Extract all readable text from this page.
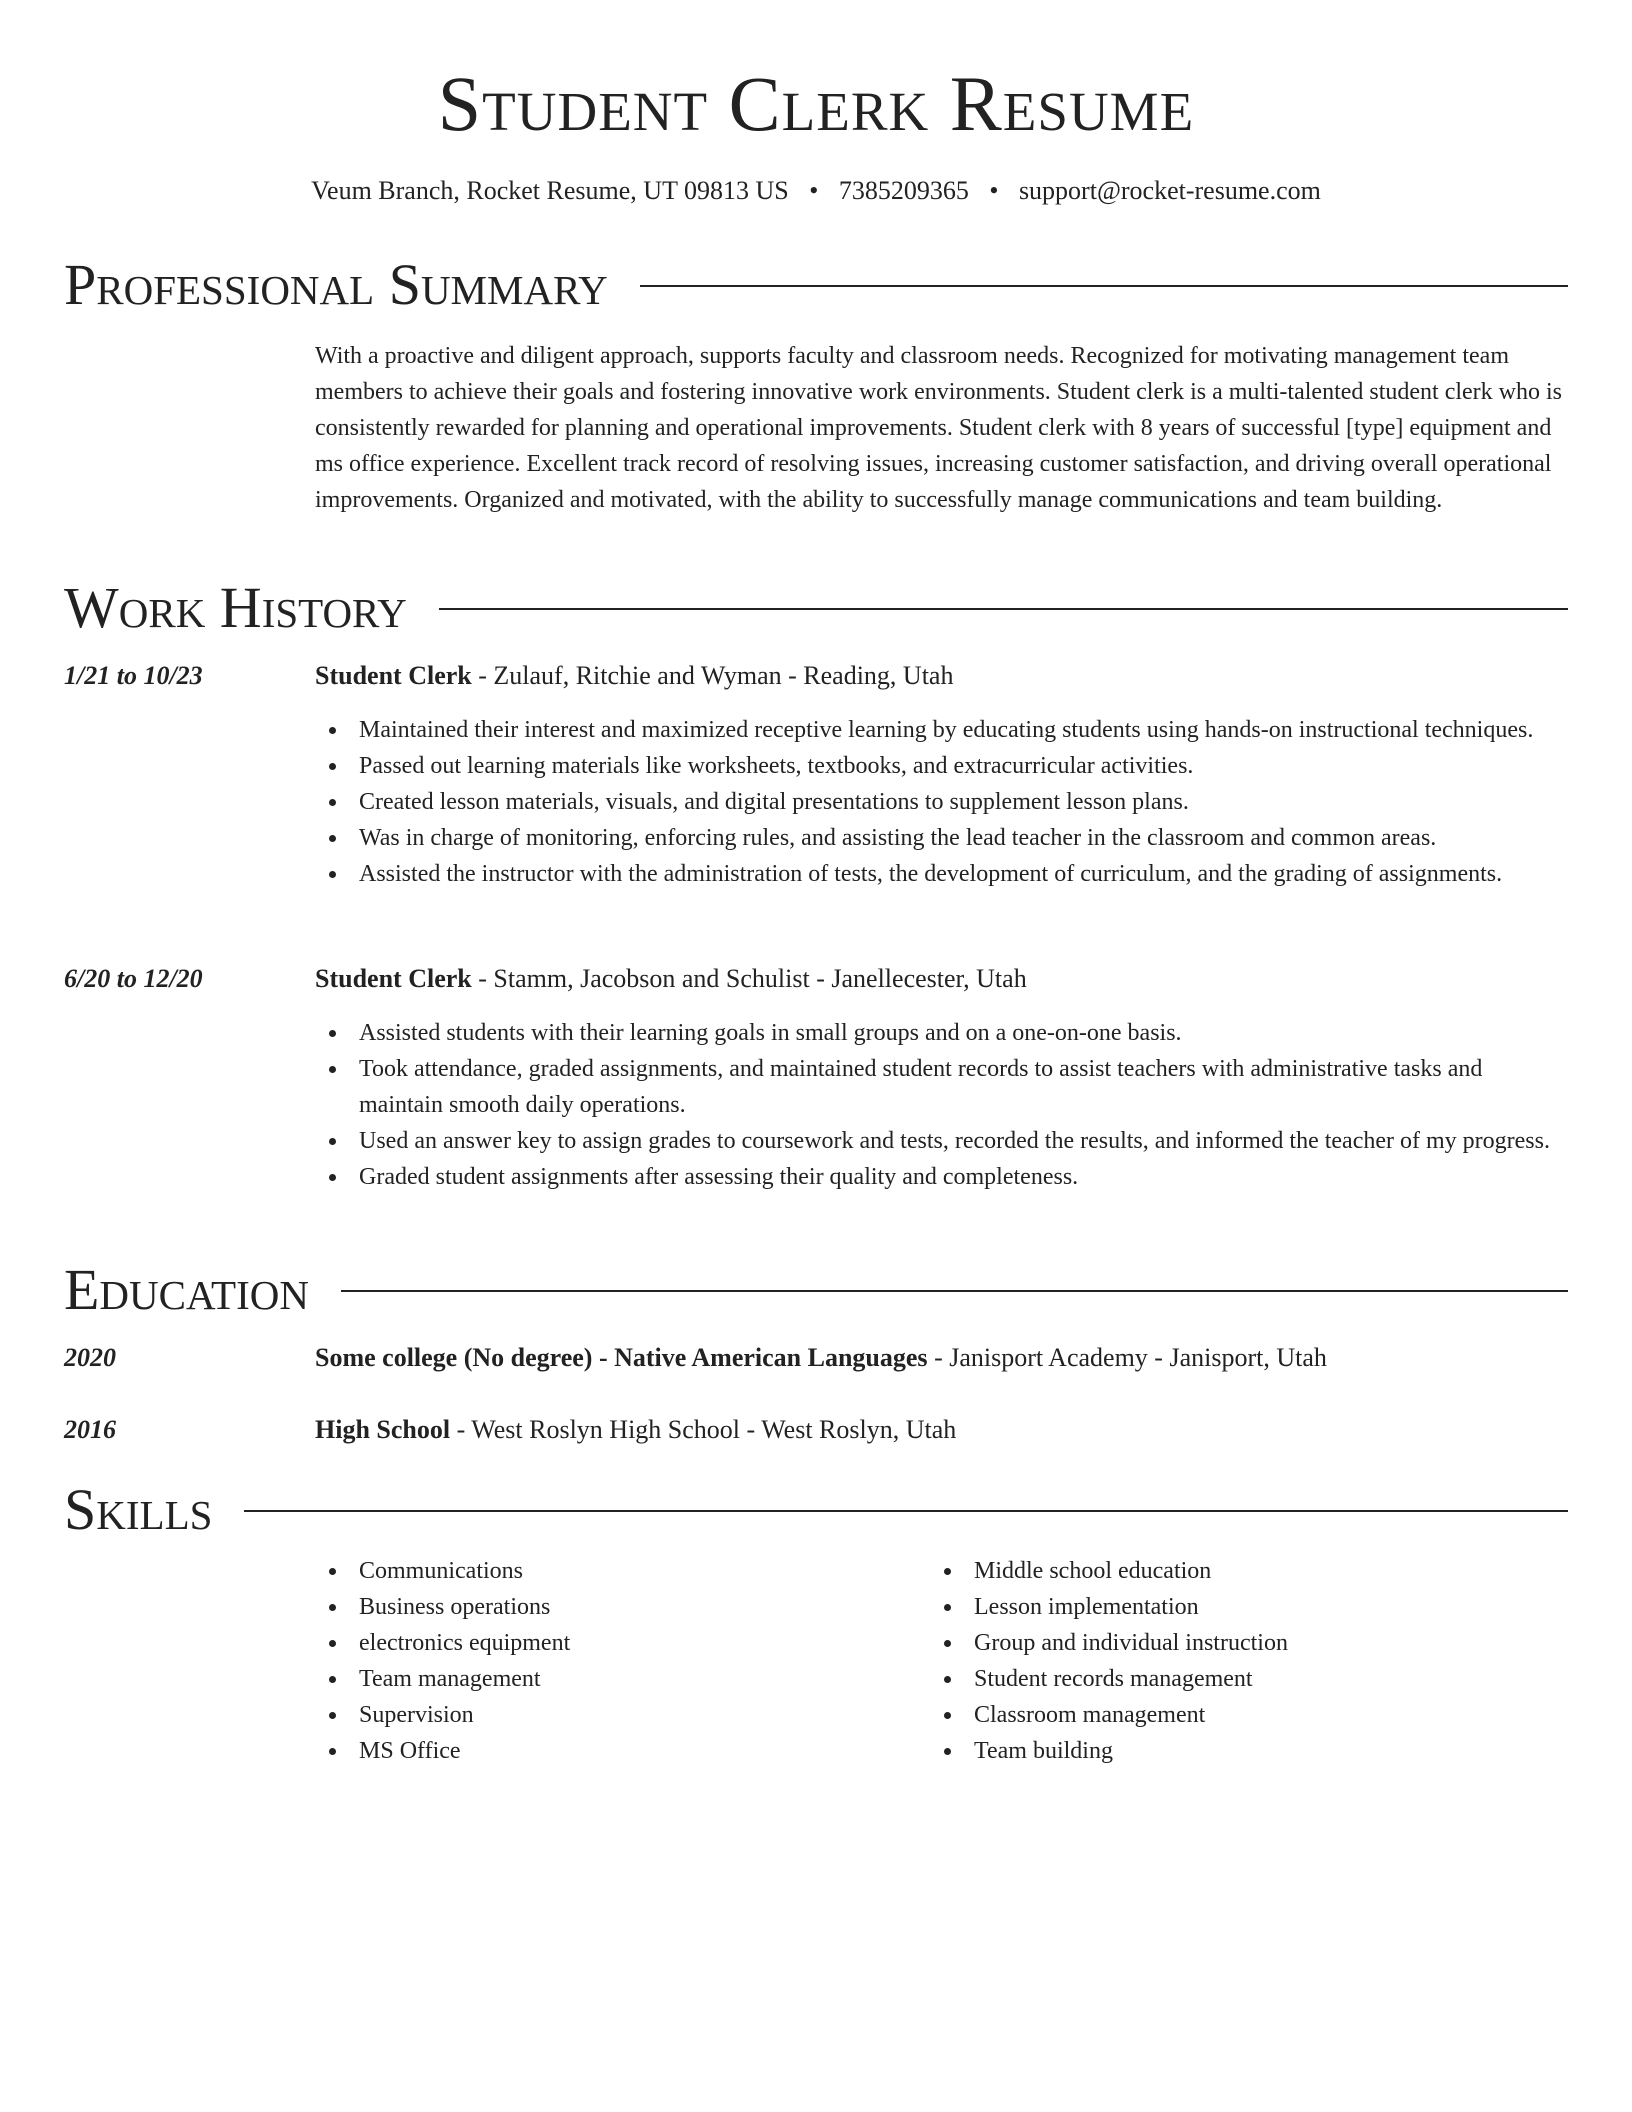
Student Clerk Resume
Veum Branch, Rocket Resume, UT 09813 US • 7385209365 • support@rocket-resume.com
Professional Summary
With a proactive and diligent approach, supports faculty and classroom needs. Recognized for motivating management team members to achieve their goals and fostering innovative work environments. Student clerk is a multi-talented student clerk who is consistently rewarded for planning and operational improvements. Student clerk with 8 years of successful [type] equipment and ms office experience. Excellent track record of resolving issues, increasing customer satisfaction, and driving overall operational improvements. Organized and motivated, with the ability to successfully manage communications and team building.
Work History
1/21 to 10/23	Student Clerk - Zulauf, Ritchie and Wyman - Reading, Utah
Maintained their interest and maximized receptive learning by educating students using hands-on instructional techniques.
Passed out learning materials like worksheets, textbooks, and extracurricular activities.
Created lesson materials, visuals, and digital presentations to supplement lesson plans.
Was in charge of monitoring, enforcing rules, and assisting the lead teacher in the classroom and common areas.
Assisted the instructor with the administration of tests, the development of curriculum, and the grading of assignments.
6/20 to 12/20	Student Clerk - Stamm, Jacobson and Schulist - Janellecester, Utah
Assisted students with their learning goals in small groups and on a one-on-one basis.
Took attendance, graded assignments, and maintained student records to assist teachers with administrative tasks and maintain smooth daily operations.
Used an answer key to assign grades to coursework and tests, recorded the results, and informed the teacher of my progress.
Graded student assignments after assessing their quality and completeness.
Education
2020	Some college (No degree) - Native American Languages - Janisport Academy - Janisport, Utah
2016	High School - West Roslyn High School - West Roslyn, Utah
Skills
Communications
Business operations
electronics equipment
Team management
Supervision
MS Office
Middle school education
Lesson implementation
Group and individual instruction
Student records management
Classroom management
Team building
